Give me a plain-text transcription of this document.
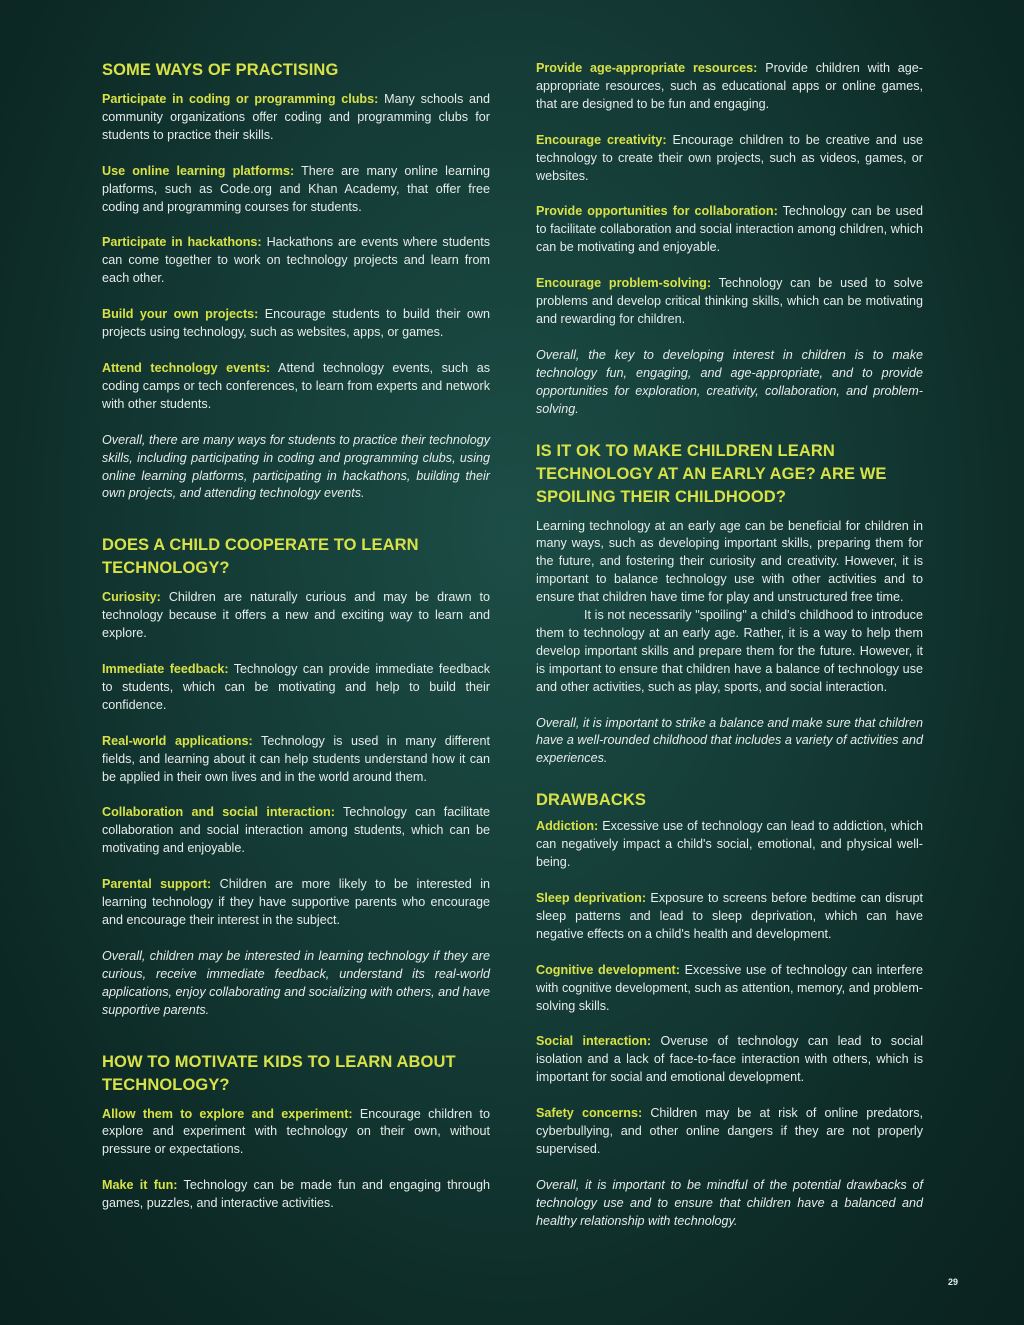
SOME WAYS OF PRACTISING

Participate in coding or programming clubs: Many schools and community organizations offer coding and programming clubs for students to practice their skills.

Use online learning platforms: There are many online learning platforms, such as Code.org and Khan Academy, that offer free coding and programming courses for students.

Participate in hackathons: Hackathons are events where students can come together to work on technology projects and learn from each other.

Build your own projects: Encourage students to build their own projects using technology, such as websites, apps, or games.

Attend technology events: Attend technology events, such as coding camps or tech conferences, to learn from experts and network with other students.

Overall, there are many ways for students to practice their technology skills, including participating in coding and programming clubs, using online learning platforms, participating in hackathons, building their own projects, and attending technology events.

DOES A CHILD COOPERATE TO LEARN TECHNOLOGY?

Curiosity: Children are naturally curious and may be drawn to technology because it offers a new and exciting way to learn and explore.

Immediate feedback: Technology can provide immediate feedback to students, which can be motivating and help to build their confidence.

Real-world applications: Technology is used in many different fields, and learning about it can help students understand how it can be applied in their own lives and in the world around them.

Collaboration and social interaction: Technology can facilitate collaboration and social interaction among students, which can be motivating and enjoyable.

Parental support: Children are more likely to be interested in learning technology if they have supportive parents who encourage and encourage their interest in the subject.

Overall, children may be interested in learning technology if they are curious, receive immediate feedback, understand its real-world applications, enjoy collaborating and socializing with others, and have supportive parents.

HOW TO MOTIVATE KIDS TO LEARN ABOUT TECHNOLOGY?

Allow them to explore and experiment: Encourage children to explore and experiment with technology on their own, without pressure or expectations.

Make it fun: Technology can be made fun and engaging through games, puzzles, and interactive activities.

Provide age-appropriate resources: Provide children with age-appropriate resources, such as educational apps or online games, that are designed to be fun and engaging.

Encourage creativity: Encourage children to be creative and use technology to create their own projects, such as videos, games, or websites.

Provide opportunities for collaboration: Technology can be used to facilitate collaboration and social interaction among children, which can be motivating and enjoyable.

Encourage problem-solving: Technology can be used to solve problems and develop critical thinking skills, which can be motivating and rewarding for children.

Overall, the key to developing interest in children is to make technology fun, engaging, and age-appropriate, and to provide opportunities for exploration, creativity, collaboration, and problem-solving.

IS IT OK TO MAKE CHILDREN LEARN TECHNOLOGY AT AN EARLY AGE? ARE WE SPOILING THEIR CHILDHOOD?

Learning technology at an early age can be beneficial for children in many ways, such as developing important skills, preparing them for the future, and fostering their curiosity and creativity. However, it is important to balance technology use with other activities and to ensure that children have time for play and unstructured free time.

It is not necessarily "spoiling" a child's childhood to introduce them to technology at an early age. Rather, it is a way to help them develop important skills and prepare them for the future. However, it is important to ensure that children have a balance of technology use and other activities, such as play, sports, and social interaction.

Overall, it is important to strike a balance and make sure that children have a well-rounded childhood that includes a variety of activities and experiences.

DRAWBACKS

Addiction: Excessive use of technology can lead to addiction, which can negatively impact a child's social, emotional, and physical well-being.

Sleep deprivation: Exposure to screens before bedtime can disrupt sleep patterns and lead to sleep deprivation, which can have negative effects on a child's health and development.

Cognitive development: Excessive use of technology can interfere with cognitive development, such as attention, memory, and problem-solving skills.

Social interaction: Overuse of technology can lead to social isolation and a lack of face-to-face interaction with others, which is important for social and emotional development.

Safety concerns: Children may be at risk of online predators, cyberbullying, and other online dangers if they are not properly supervised.

Overall, it is important to be mindful of the potential drawbacks of technology use and to ensure that children have a balanced and healthy relationship with technology.

29
